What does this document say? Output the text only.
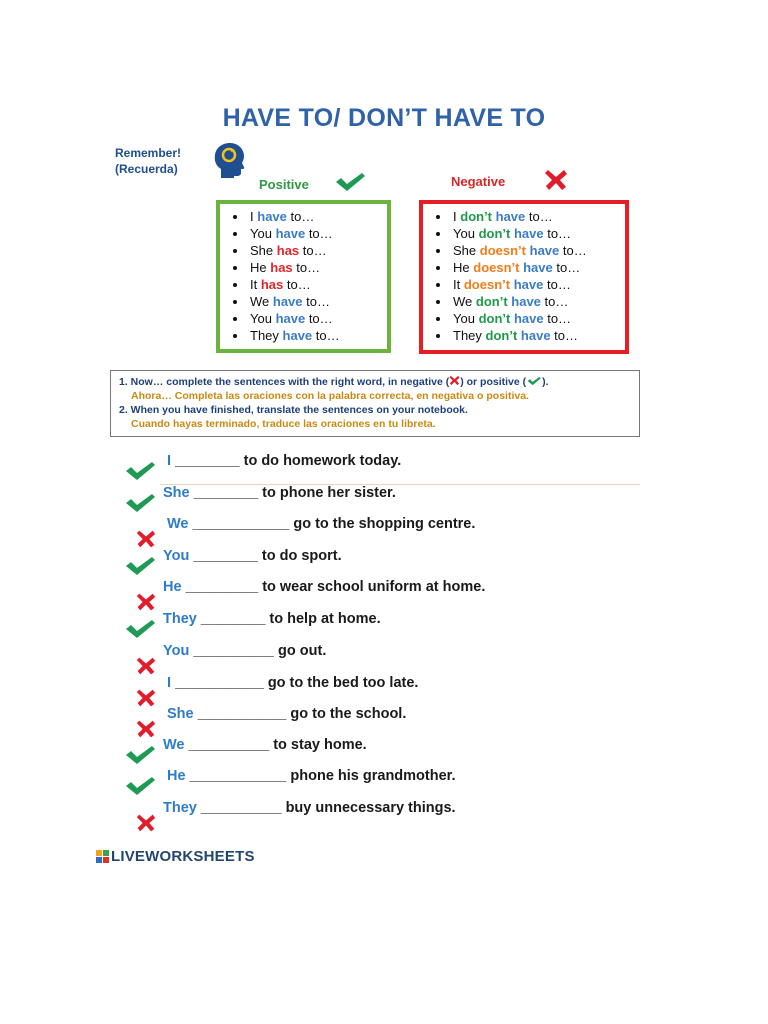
HAVE TO/ DON’T HAVE TO
Remember!
(Recuerda)
Positive	Negative
I have to…
You have to…
She has to…
He has to…
It has to…
We have to…
You have to…
They have to…
I don’t have to…
You don’t have to…
She doesn’t have to…
He doesn’t have to…
It doesn’t have to…
We don’t have to…
You don’t have to…
They don’t have to…
1. Now… complete the sentences with the right word, in negative ( ) or positive ( ).
Ahora… Completa las oraciones con la palabra correcta, en negativa o positiva.
2. When you have finished, translate the sentences on your notebook.
Cuando hayas terminado, traduce las oraciones en tu libreta.
I ________ to do homework today.
She ________ to phone her sister.
We ____________ go to the shopping centre.
You ________ to do sport.
He _________ to wear school uniform at home.
They ________ to help at home.
You __________ go out.
I ___________ go to the bed too late.
She ___________ go to the school.
We __________ to stay home.
He ____________ phone his grandmother.
They __________ buy unnecessary things.
LIVEWORKSHEETS
